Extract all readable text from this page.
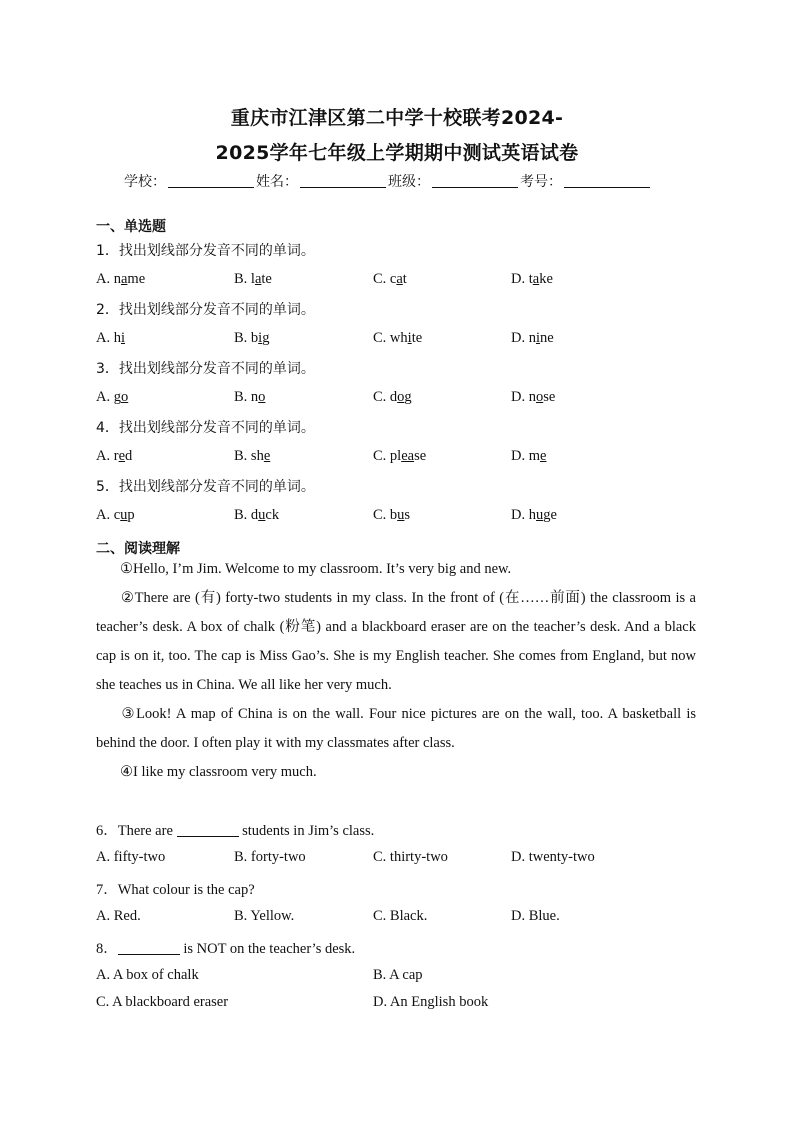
重庆市江津区第二中学十校联考2024-
2025学年七年级上学期期中测试英语试卷
学校：	姓名：	班级：	考号：
一、单选题
1．找出划线部分发音不同的单词。
A. name	B. late	C. cat	D. take
2．找出划线部分发音不同的单词。
A. hi	B. big	C. white	D. nine
3．找出划线部分发音不同的单词。
A. go	B. no	C. dog	D. nose
4．找出划线部分发音不同的单词。
A. red	B. she	C. please	D. me
5．找出划线部分发音不同的单词。
A. cup	B. duck	C. bus	D. huge
二、阅读理解
①Hello, I’m Jim. Welcome to my classroom. It’s very big and new.
②There are (有) forty-two students in my class. In the front of (在……前面) the classroom is a teacher’s desk. A box of chalk (粉笔) and a blackboard eraser are on the teacher’s desk. And a black cap is on it, too. The cap is Miss Gao’s. She is my English teacher. She comes from England, but now she teaches us in China. We all like her very much.
③Look! A map of China is on the wall. Four nice pictures are on the wall, too. A basketball is behind the door. I often play it with my classmates after class.
④I like my classroom very much.
6．There are	students in Jim’s class.
A. fifty-two	B. forty-two	C. thirty-two	D. twenty-two
7．What colour is the cap?
A. Red.	B. Yellow.	C. Black.	D. Blue.
8．	is NOT on the teacher’s desk.
A. A box of chalk	B. A cap
C. A blackboard eraser	D. An English book
